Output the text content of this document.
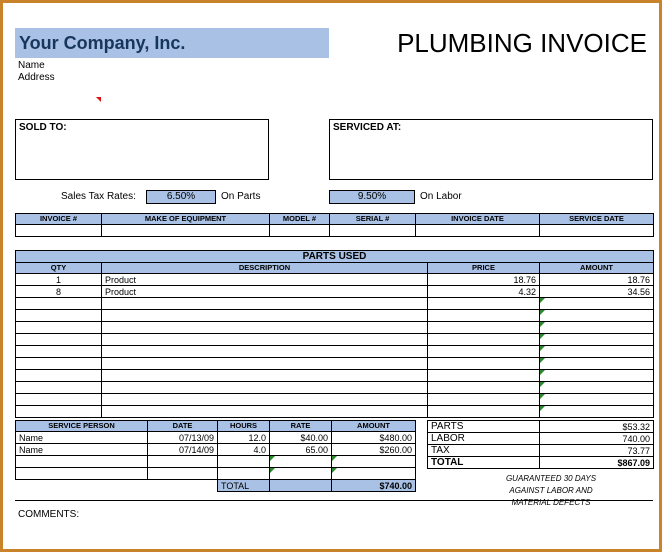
Your Company, Inc.	PLUMBING INVOICE
Name
Address
SOLD TO:	SERVICED AT:
Sales Tax Rates:	6.50%	On Parts	9.50%	On Labor
INVOICE #	MAKE OF EQUIPMENT	MODEL #	SERIAL #	INVOICE DATE	SERVICE DATE

PARTS USED			
QTY	DESCRIPTION	PRICE	AMOUNT
1	Product	18.76	18.76
8	Product	4.32	34.56

SERVICE PERSON	DATE	HOURS	RATE	AMOUNT
Name	07/13/09	12.0	$40.00	$480.00
Name	07/14/09	4.0	65.00	$260.00

		TOTAL		$740.00
PARTS	$53.32
LABOR	740.00
TAX	73.77
TOTAL	$867.09
GUARANTEED 30 DAYS
AGAINST LABOR AND
MATERIAL DEFECTS
COMMENTS:
